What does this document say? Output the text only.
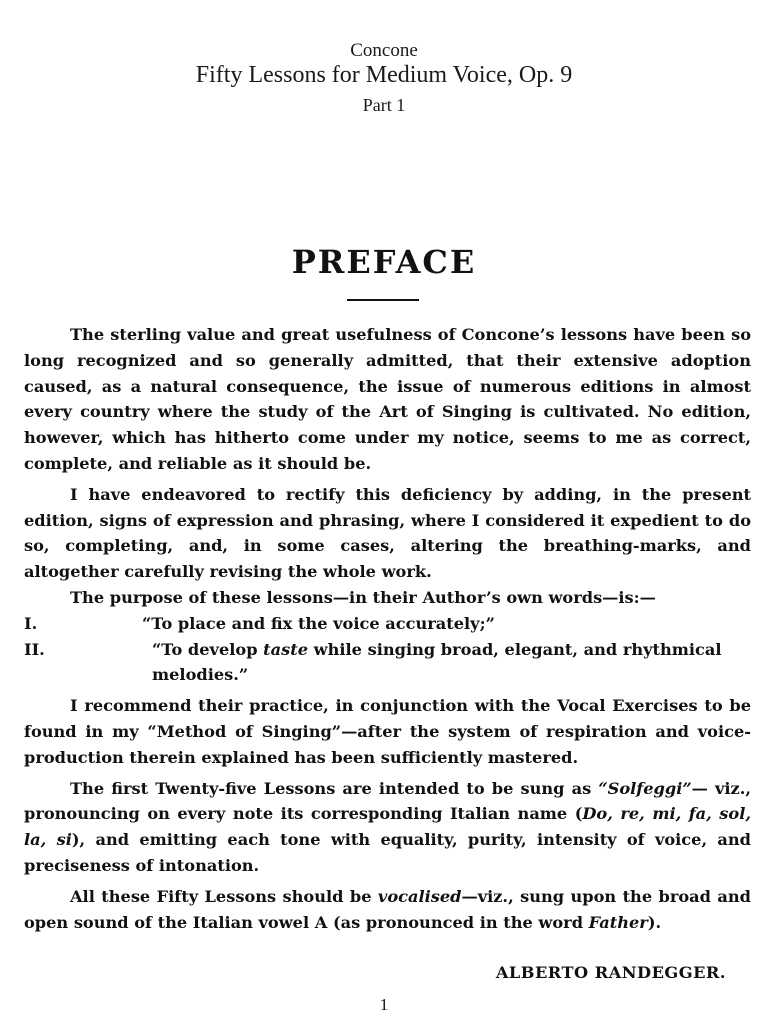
Concone
Fifty Lessons for Medium Voice, Op. 9
Part 1
PREFACE

The sterling value and great usefulness of Concone’s lessons have been so long recognized and so generally admitted, that their extensive adoption caused, as a natural consequence, the issue of numerous editions in almost every country where the study of the Art of Singing is cultivated. No edition, however, which has hitherto come under my notice, seems to me as correct, complete, and reliable as it should be.

I have endeavored to rectify this deficiency by adding, in the present edition, signs of expression and phrasing, where I considered it expedient to do so, completing, and, in some cases, altering the breathing-marks, and altogether carefully revising the whole work.

The purpose of these lessons—in their Author’s own words—is:—

I.	“To place and fix the voice accurately;”
II.	“To develop taste while singing broad, elegant, and rhythmical melodies.”

I recommend their practice, in conjunction with the Vocal Exercises to be found in my “Method of Singing”—after the system of respiration and voice-production therein explained has been sufficiently mastered.

The first Twenty-five Lessons are intended to be sung as “Solfeggi”— viz., pronouncing on every note its corresponding Italian name (Do, re, mi, fa, sol, la, si), and emitting each tone with equality, purity, intensity of voice, and preciseness of intonation.

All these Fifty Lessons should be vocalised—viz., sung upon the broad and open sound of the Italian vowel A (as pronounced in the word Father).

ALBERTO RANDEGGER.
1
